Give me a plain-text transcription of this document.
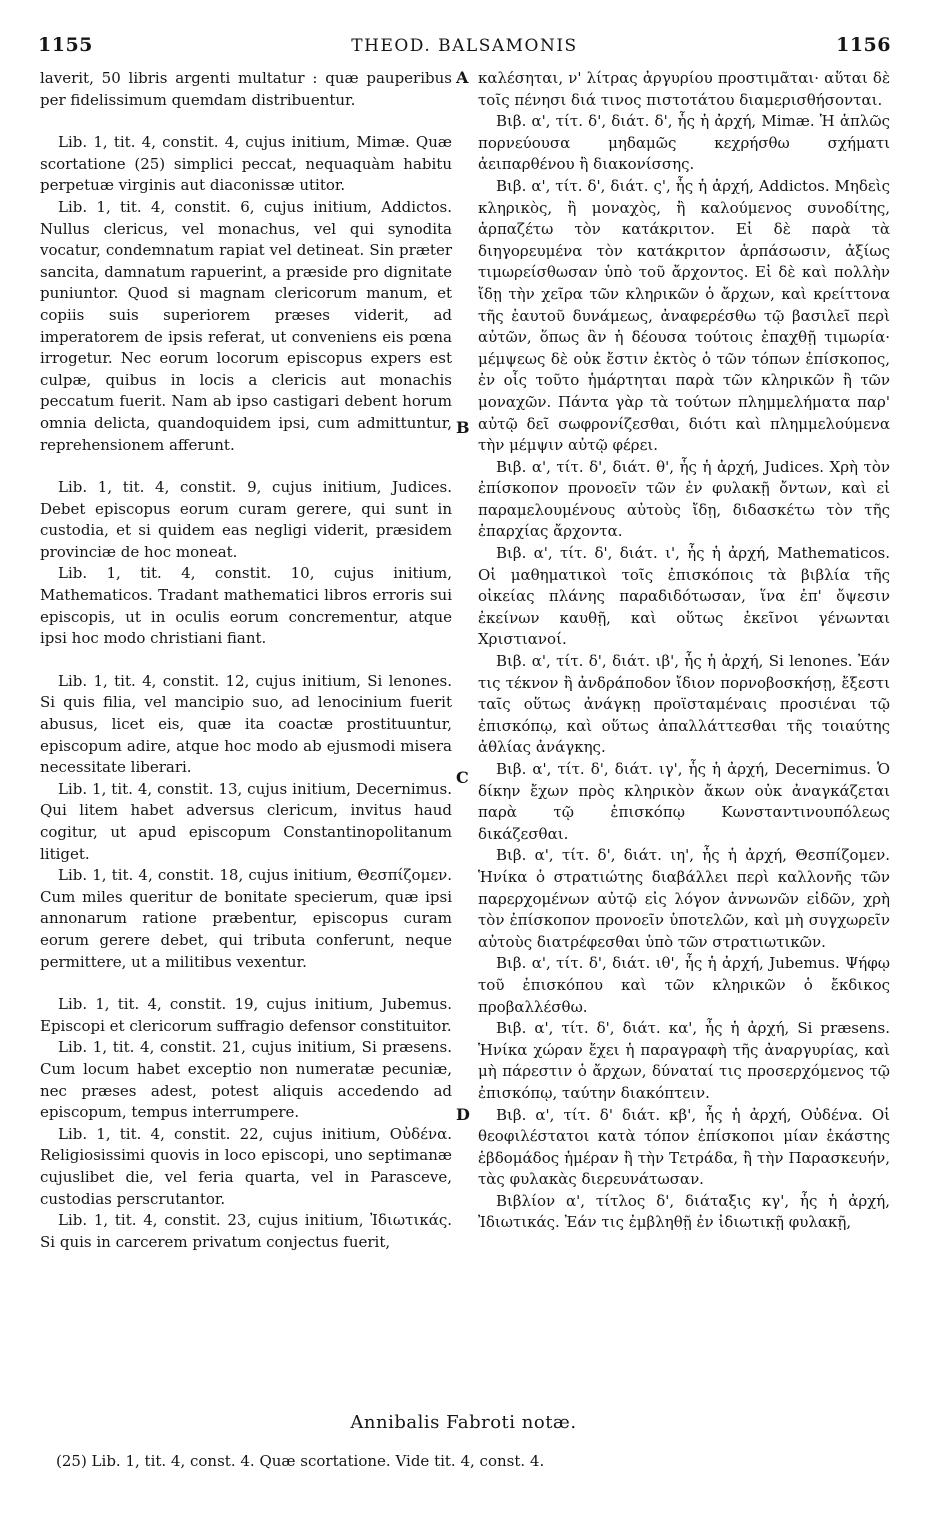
1155	THEOD. BALSAMONIS	1156

laverit, 50 libris argenti multatur : quæ pauperibus per fidelissimum quemdam distribuentur.

Lib. 1, tit. 4, constit. 4, cujus initium, Mimæ. Quæ scortatione (25) simplici peccat, nequaquàm habitu perpetuæ virginis aut diaconissæ utitor.

Lib. 1, tit. 4, constit. 6, cujus initium, Addictos. Nullus clericus, vel monachus, vel qui synodita vocatur, condemnatum rapiat vel detineat. Sin præter sancita, damnatum rapuerint, a præside pro dignitate puniuntor. Quod si magnam clericorum manum, et copiis suis superiorem præses viderit, ad imperatorem de ipsis referat, ut conveniens eis pœna irrogetur. Nec eorum locorum episcopus expers est culpæ, quibus in locis a clericis aut monachis peccatum fuerit. Nam ab ipso castigari debent horum omnia delicta, quandoquidem ipsi, cum admittuntur, reprehensionem afferunt.

Lib. 1, tit. 4, constit. 9, cujus initium, Judices. Debet episcopus eorum curam gerere, qui sunt in custodia, et si quidem eas negligi viderit, præsidem provinciæ de hoc moneat.

Lib. 1, tit. 4, constit. 10, cujus initium, Mathematicos. Tradant mathematici libros erroris sui episcopis, ut in oculis eorum concrementur, atque ipsi hoc modo christiani fiant.

Lib. 1, tit. 4, constit. 12, cujus initium, Si lenones. Si quis filia, vel mancipio suo, ad lenocinium fuerit abusus, licet eis, quæ ita coactæ prostituuntur, episcopum adire, atque hoc modo ab ejusmodi misera necessitate liberari.

Lib. 1, tit. 4, constit. 13, cujus initium, Decernimus. Qui litem habet adversus clericum, invitus haud cogitur, ut apud episcopum Constantinopolitanum litiget.

Lib. 1, tit. 4, constit. 18, cujus initium, Θεσπίζομεν. Cum miles queritur de bonitate specierum, quæ ipsi annonarum ratione præbentur, episcopus curam eorum gerere debet, qui tributa conferunt, neque permittere, ut a militibus vexentur.

Lib. 1, tit. 4, constit. 19, cujus initium, Jubemus. Episcopi et clericorum suffragio defensor constituitor.

Lib. 1, tit. 4, constit. 21, cujus initium, Si præsens. Cum locum habet exceptio non numeratæ pecuniæ, nec præses adest, potest aliquis accedendo ad episcopum, tempus interrumpere.

Lib. 1, tit. 4, constit. 22, cujus initium, Οὐδένα. Religiosissimi quovis in loco episcopi, uno septimanæ cujuslibet die, vel feria quarta, vel in Parasceve, custodias perscrutantor.

Lib. 1, tit. 4, constit. 23, cujus initium, Ἰδιωτικάς. Si quis in carcerem privatum conjectus fuerit,

καλέσηται, ν' λίτρας ἀργυρίου προστιμᾶται· αὕται δὲ τοῖς πένησι διά τινος πιστοτάτου διαμερισθήσονται.

Βιβ. α', τίτ. δ', διάτ. δ', ἧς ἡ ἀρχή, Mimæ. Ἡ ἁπλῶς πορνεύουσα μηδαμῶς κεχρήσθω σχήματι ἀειπαρθένου ἢ διακονίσσης.

Βιβ. α', τίτ. δ', διάτ. ς', ἧς ἡ ἀρχή, Addictos. Μηδεὶς κληρικὸς, ἢ μοναχὸς, ἢ καλούμενος συνοδίτης, ἁρπαζέτω τὸν κατάκριτον. Εἰ δὲ παρὰ τὰ διηγορευμένα τὸν κατάκριτον ἁρπάσωσιν, ἀξίως τιμωρείσθωσαν ὑπὸ τοῦ ἄρχοντος. Εἰ δὲ καὶ πολλὴν ἴδῃ τὴν χεῖρα τῶν κληρικῶν ὁ ἄρχων, καὶ κρείττονα τῆς ἑαυτοῦ δυνάμεως, ἀναφερέσθω τῷ βασιλεῖ περὶ αὐτῶν, ὅπως ἂν ἡ δέουσα τούτοις ἐπαχθῇ τιμωρία· μέμψεως δὲ οὐκ ἔστιν ἐκτὸς ὁ τῶν τόπων ἐπίσκοπος, ἐν οἷς τοῦτο ἡμάρτηται παρὰ τῶν κληρικῶν ἢ τῶν μοναχῶν. Πάντα γὰρ τὰ τούτων πλημμελήματα παρ' αὐτῷ δεῖ σωφρονίζεσθαι, διότι καὶ πλημμελούμενα τὴν μέμψιν αὐτῷ φέρει.

Βιβ. α', τίτ. δ', διάτ. θ', ἧς ἡ ἀρχή, Judices. Χρὴ τὸν ἐπίσκοπον προνοεῖν τῶν ἐν φυλακῇ ὄντων, καὶ εἰ παραμελουμένους αὐτοὺς ἴδῃ, διδασκέτω τὸν τῆς ἐπαρχίας ἄρχοντα.

Βιβ. α', τίτ. δ', διάτ. ι', ἧς ἡ ἀρχή, Mathematicos. Οἱ μαθηματικοὶ τοῖς ἐπισκόποις τὰ βιβλία τῆς οἰκείας πλάνης παραδιδότωσαν, ἵνα ἐπ' ὄψεσιν ἐκείνων καυθῇ, καὶ οὕτως ἐκεῖνοι γένωνται Χριστιανοί.

Βιβ. α', τίτ. δ', διάτ. ιβ', ἧς ἡ ἀρχή, Si lenones. Ἐάν τις τέκνον ἢ ἀνδράποδον ἴδιον πορνοβοσκήσῃ, ἔξεστι ταῖς οὕτως ἀνάγκῃ προϊσταμέναις προσιέναι τῷ ἐπισκόπῳ, καὶ οὕτως ἀπαλλάττεσθαι τῆς τοιαύτης ἀθλίας ἀνάγκης.

Βιβ. α', τίτ. δ', διάτ. ιγ', ἧς ἡ ἀρχή, Decernimus. Ὁ δίκην ἔχων πρὸς κληρικὸν ἄκων οὐκ ἀναγκάζεται παρὰ τῷ ἐπισκόπῳ Κωνσταντινουπόλεως δικάζεσθαι.

Βιβ. α', τίτ. δ', διάτ. ιη', ἧς ἡ ἀρχή, Θεσπίζομεν. Ἡνίκα ὁ στρατιώτης διαβάλλει περὶ καλλονῆς τῶν παρερχομένων αὐτῷ εἰς λόγον ἀννωνῶν εἰδῶν, χρὴ τὸν ἐπίσκοπον προνοεῖν ὑποτελῶν, καὶ μὴ συγχωρεῖν αὐτοὺς διατρέφεσθαι ὑπὸ τῶν στρατιωτικῶν.

Βιβ. α', τίτ. δ', διάτ. ιθ', ἧς ἡ ἀρχή, Jubemus. Ψήφῳ τοῦ ἐπισκόπου καὶ τῶν κληρικῶν ὁ ἔκδικος προβαλλέσθω.

Βιβ. α', τίτ. δ', διάτ. κα', ἧς ἡ ἀρχή, Si præsens. Ἡνίκα χώραν ἔχει ἡ παραγραφὴ τῆς ἀναργυρίας, καὶ μὴ πάρεστιν ὁ ἄρχων, δύναταί τις προσερχόμενος τῷ ἐπισκόπῳ, ταύτην διακόπτειν.

Βιβ. α', τίτ. δ' διάτ. κβ', ἧς ἡ ἀρχή, Οὐδένα. Οἱ θεοφιλέστατοι κατὰ τόπον ἐπίσκοποι μίαν ἑκάστης ἑβδομάδος ἡμέραν ἢ τὴν Τετράδα, ἢ τὴν Παρασκευήν, τὰς φυλακὰς διερευνάτωσαν.

Βιβλίον α', τίτλος δ', διάταξις κγ', ἧς ἡ ἀρχή, Ἰδιωτικάς. Ἐάν τις ἐμβληθῇ ἐν ἰδιωτικῇ φυλακῇ,

A
B
C
D
Annibalis Fabroti notæ.
(25) Lib. 1, tit. 4, const. 4. Quæ scortatione. Vide tit. 4, const. 4.
